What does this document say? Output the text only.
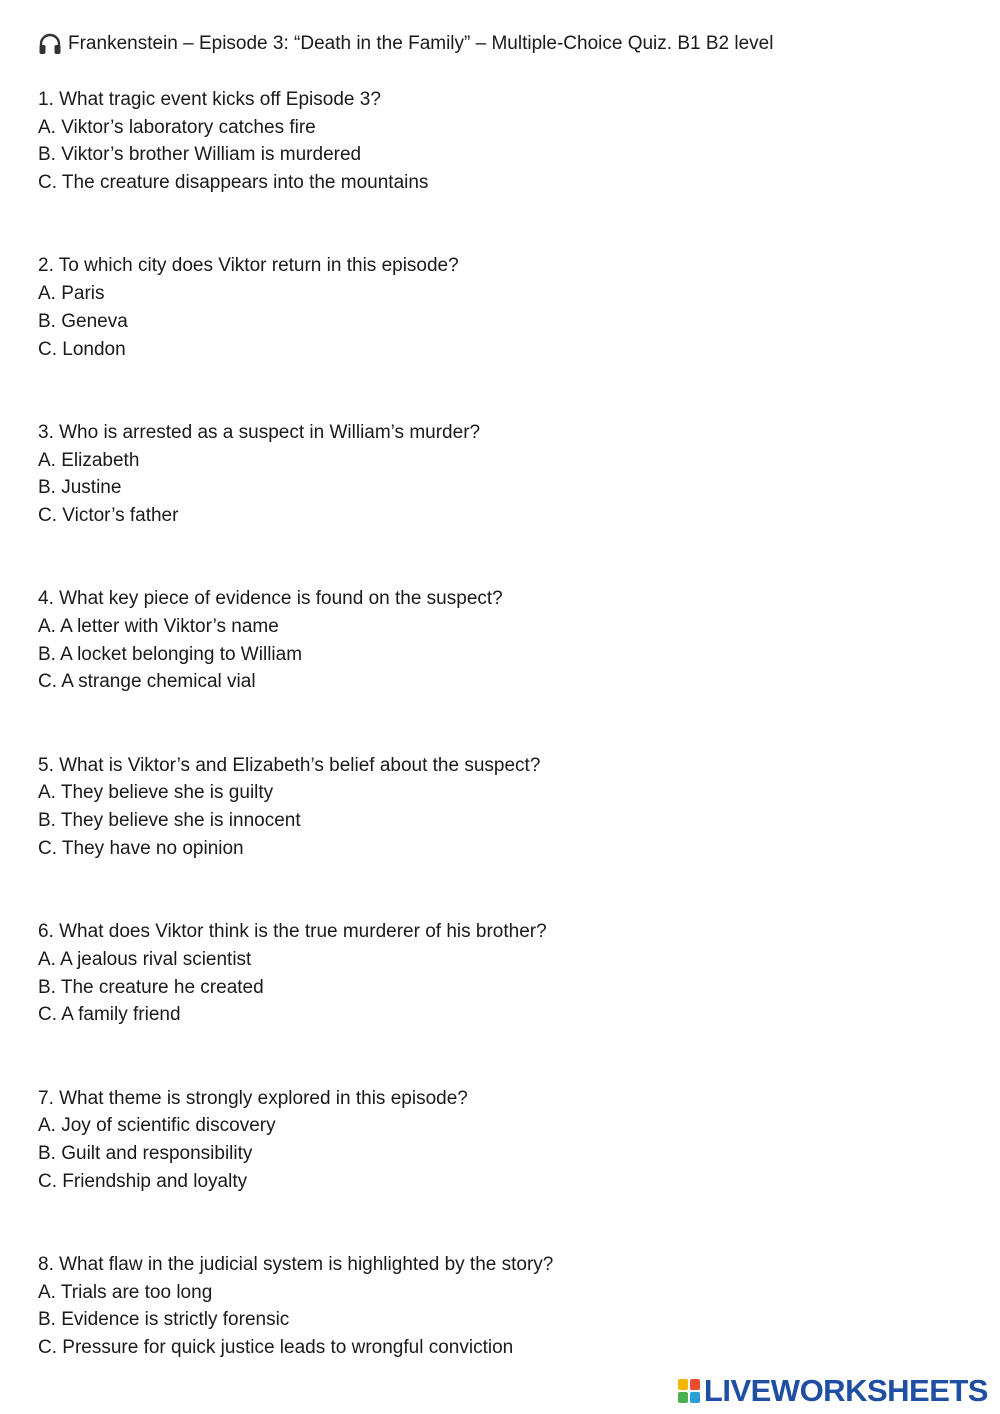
Frankenstein – Episode 3: “Death in the Family” – Multiple-Choice Quiz. B1 B2 level
1. What tragic event kicks off Episode 3?
A. Viktor’s laboratory catches fire
B. Viktor’s brother William is murdered
C. The creature disappears into the mountains
2. To which city does Viktor return in this episode?
A. Paris
B. Geneva
C. London
3. Who is arrested as a suspect in William’s murder?
A. Elizabeth
B. Justine
C. Victor’s father
4. What key piece of evidence is found on the suspect?
A. A letter with Viktor’s name
B. A locket belonging to William
C. A strange chemical vial
5. What is Viktor’s and Elizabeth’s belief about the suspect?
A. They believe she is guilty
B. They believe she is innocent
C. They have no opinion
6. What does Viktor think is the true murderer of his brother?
A. A jealous rival scientist
B. The creature he created
C. A family friend
7. What theme is strongly explored in this episode?
A. Joy of scientific discovery
B. Guilt and responsibility
C. Friendship and loyalty
8. What flaw in the judicial system is highlighted by the story?
A. Trials are too long
B. Evidence is strictly forensic
C. Pressure for quick justice leads to wrongful conviction
LIVEWORKSHEETS
